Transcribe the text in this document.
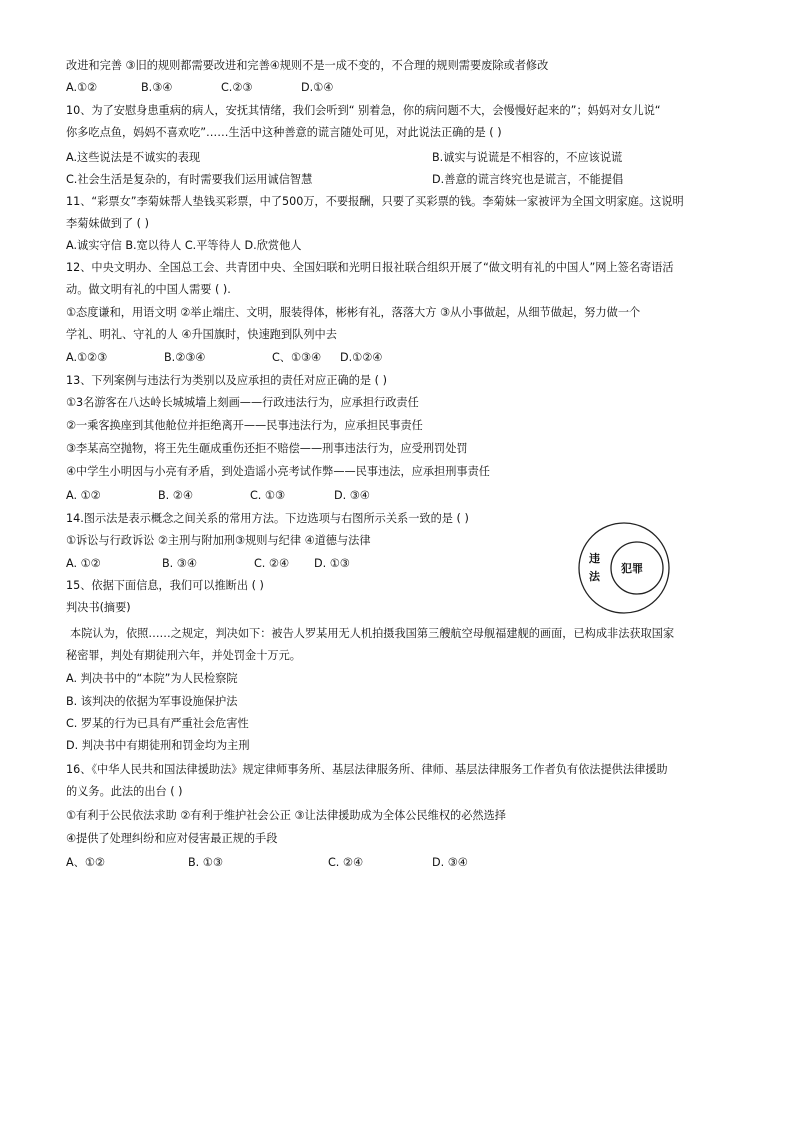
改进和完善 ③旧的规则都需要改进和完善④规则不是一成不变的，不合理的规则需要废除或者修改
A.①②	B.③④	C.②③	D.①④
10、为了安慰身患重病的病人，安抚其情绪，我们会听到“ 别着急，你的病问题不大，会慢慢好起来的”；妈妈对女儿说“
你多吃点鱼，妈妈不喜欢吃”……生活中这种善意的谎言随处可见，对此说法正确的是 ( )
A.这些说法是不诚实的表现	B.诚实与说谎是不相容的，不应该说谎
C.社会生活是复杂的，有时需要我们运用诚信智慧	D.善意的谎言终究也是谎言，不能提倡
11、“彩票女”李菊妹帮人垫钱买彩票，中了500万，不要报酬，只要了买彩票的钱。李菊妹一家被评为全国文明家庭。这说明
李菊妹做到了 ( )
A.诚实守信 B.宽以待人 C.平等待人 D.欣赏他人
12、中央文明办、全国总工会、共青团中央、全国妇联和光明日报社联合组织开展了“做文明有礼的中国人”网上签名寄语活
动。做文明有礼的中国人需要 ( ).
①态度谦和，用语文明 ②举止端庄、文明，服装得体，彬彬有礼，落落大方 ③从小事做起，从细节做起，努力做一个
学礼、明礼、守礼的人 ④升国旗时，快速跑到队列中去
A.①②③	B.②③④	C、①③④ D.①②④
13、下列案例与违法行为类别以及应承担的责任对应正确的是 ( )
①3名游客在八达岭长城城墙上刻画——行政违法行为，应承担行政责任
②一乘客换座到其他舱位并拒绝离开——民事违法行为，应承担民事责任
③李某高空抛物，将王先生砸成重伤还拒不赔偿——刑事违法行为，应受刑罚处罚
④中学生小明因与小亮有矛盾，到处造谣小亮考试作弊——民事违法，应承担刑事责任
A. ①②	B. ②④	C. ①③	D. ③④
14.图示法是表示概念之间关系的常用方法。下边选项与右图所示关系一致的是 ( )
①诉讼与行政诉讼 ②主刑与附加刑③规则与纪律 ④道德与法律
A. ①②	B. ③④	C. ②④ D. ①③	违
法
犯罪
15、依据下面信息，我们可以推断出 ( )
判决书(摘要)
本院认为，依照……之规定，判决如下：被告人罗某用无人机拍摄我国第三艘航空母舰福建舰的画面，已构成非法获取国家
秘密罪，判处有期徒刑六年，并处罚金十万元。
A. 判决书中的“本院”为人民检察院
B. 该判决的依据为军事设施保护法
C. 罗某的行为已具有严重社会危害性
D. 判决书中有期徒刑和罚金均为主刑
16、《中华人民共和国法律援助法》规定律师事务所、基层法律服务所、律师、基层法律服务工作者负有依法提供法律援助
的义务。此法的出台 ( )
①有利于公民依法求助 ②有利于维护社会公正 ③让法律援助成为全体公民维权的必然选择
④提供了处理纠纷和应对侵害最正规的手段
A、①②	B. ①③	C. ②④	D. ③④
